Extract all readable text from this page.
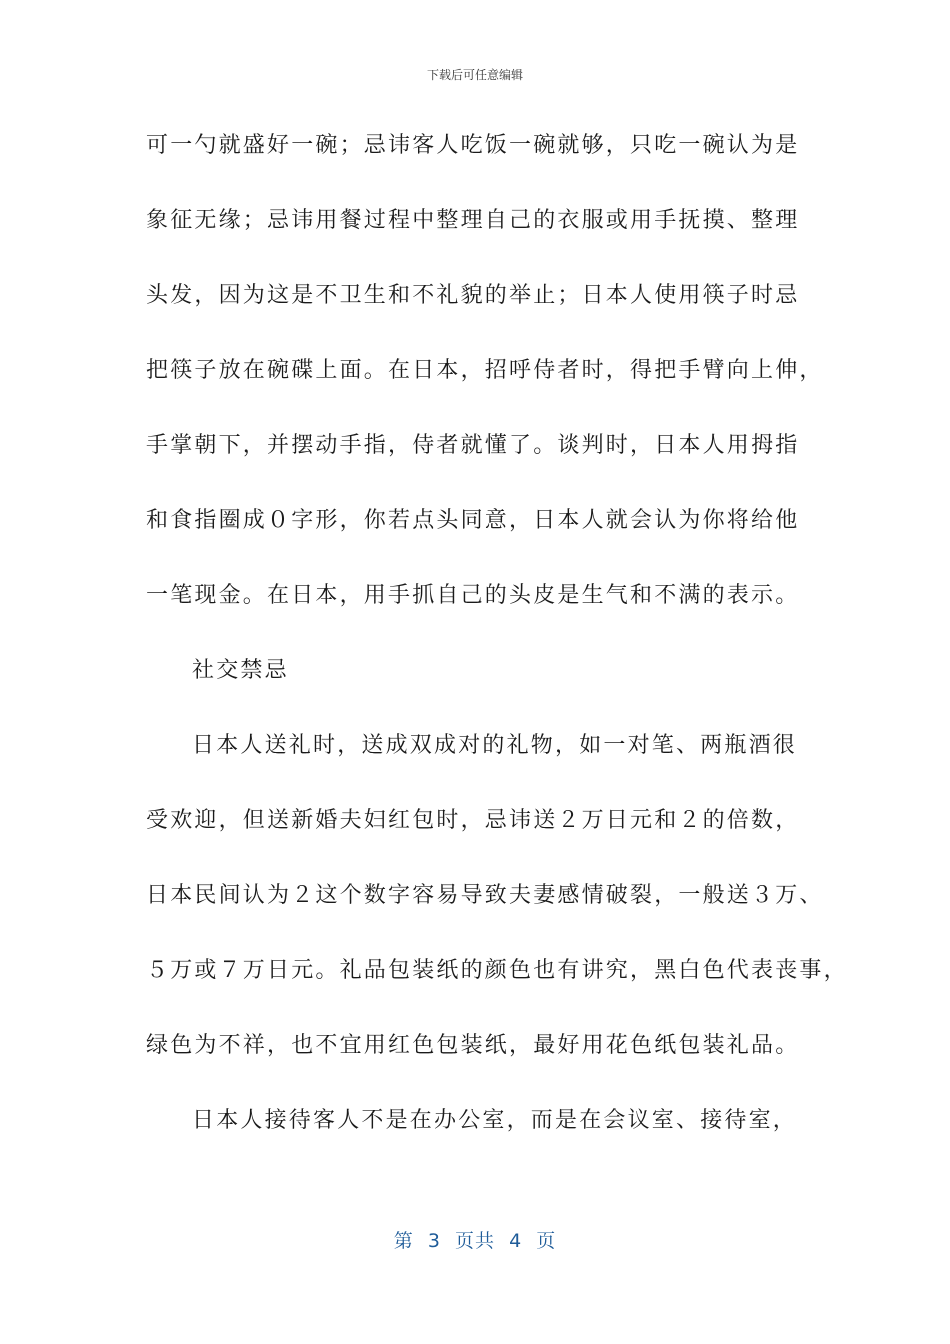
下载后可任意编辑
可一勺就盛好一碗；忌讳客人吃饭一碗就够，只吃一碗认为是
象征无缘；忌讳用餐过程中整理自己的衣服或用手抚摸、整理
头发，因为这是不卫生和不礼貌的举止；日本人使用筷子时忌
把筷子放在碗碟上面。在日本，招呼侍者时，得把手臂向上伸，
手掌朝下，并摆动手指，侍者就懂了。谈判时，日本人用拇指
和食指圈成０字形，你若点头同意，日本人就会认为你将给他
一笔现金。在日本，用手抓自己的头皮是生气和不满的表示。
社交禁忌
日本人送礼时，送成双成对的礼物，如一对笔、两瓶酒很
受欢迎，但送新婚夫妇红包时，忌讳送２万日元和２的倍数，
日本民间认为２这个数字容易导致夫妻感情破裂，一般送３万、
５万或７万日元。礼品包装纸的颜色也有讲究，黑白色代表丧事，
绿色为不祥，也不宜用红色包装纸，最好用花色纸包装礼品。
日本人接待客人不是在办公室，而是在会议室、接待室，
第  3  页共  4  页
